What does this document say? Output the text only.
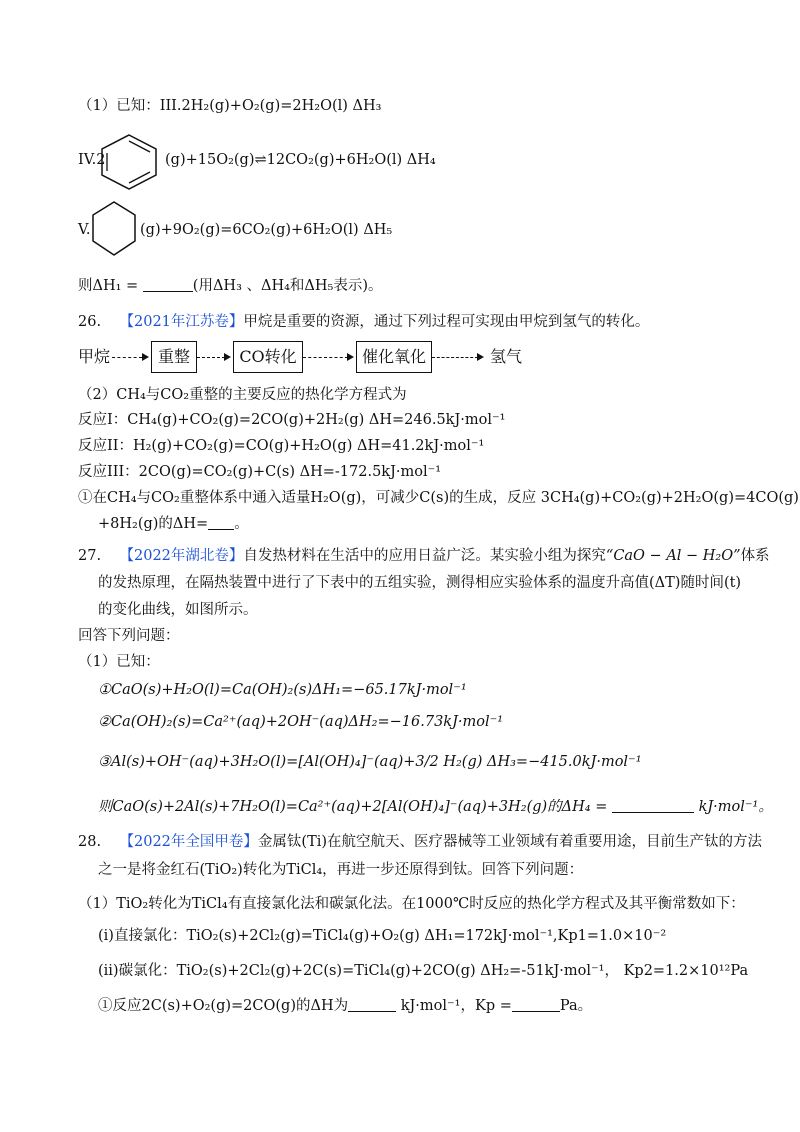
（1）已知：III.2H₂(g)+O₂(g)=2H₂O(l) ΔH₃
IV.2	(g)+15O₂(g)⇌12CO₂(g)+6H₂O(l) ΔH₄
V.	(g)+9O₂(g)=6CO₂(g)+6H₂O(l) ΔH₅
则ΔH₁ =	(用ΔH₃ 、ΔH₄和ΔH₅表示)。
26. 【2021年江苏卷】甲烷是重要的资源，通过下列过程可实现由甲烷到氢气的转化。
甲烷	重整	CO转化	催化氧化	氢气
（2）CH₄与CO₂重整的主要反应的热化学方程式为
反应I：CH₄(g)+CO₂(g)=2CO(g)+2H₂(g) ΔH=246.5kJ·mol⁻¹
反应II：H₂(g)+CO₂(g)=CO(g)+H₂O(g) ΔH=41.2kJ·mol⁻¹
反应III：2CO(g)=CO₂(g)+C(s) ΔH=-172.5kJ·mol⁻¹
①在CH₄与CO₂重整体系中通入适量H₂O(g)，可减少C(s)的生成，反应 3CH₄(g)+CO₂(g)+2H₂O(g)=4CO(g)
+8H₂(g)的ΔH= 。
27. 【2022年湖北卷】自发热材料在生活中的应用日益广泛。某实验小组为探究“CaO − Al − H₂O”体系
的发热原理，在隔热装置中进行了下表中的五组实验，测得相应实验体系的温度升高值(ΔT)随时间(t)
的变化曲线，如图所示。
回答下列问题：
（1）已知：
①CaO(s)+H₂O(l)=Ca(OH)₂(s)ΔH₁=−65.17kJ·mol⁻¹
②Ca(OH)₂(s)=Ca²⁺(aq)+2OH⁻(aq)ΔH₂=−16.73kJ·mol⁻¹
③Al(s)+OH⁻(aq)+3H₂O(l)=[Al(OH)₄]⁻(aq)+3/2 H₂(g) ΔH₃=−415.0kJ·mol⁻¹
则CaO(s)+2Al(s)+7H₂O(l)=Ca²⁺(aq)+2[Al(OH)₄]⁻(aq)+3H₂(g)的ΔH₄ =	kJ·mol⁻¹。
28. 【2022年全国甲卷】金属钛(Ti)在航空航天、医疗器械等工业领域有着重要用途，目前生产钛的方法
之一是将金红石(TiO₂)转化为TiCl₄，再进一步还原得到钛。回答下列问题：
（1）TiO₂转化为TiCl₄有直接氯化法和碳氯化法。在1000℃时反应的热化学方程式及其平衡常数如下：
(i)直接氯化：TiO₂(s)+2Cl₂(g)=TiCl₄(g)+O₂(g) ΔH₁=172kJ·mol⁻¹,Kp1=1.0×10⁻²
(ii)碳氯化：TiO₂(s)+2Cl₂(g)+2C(s)=TiCl₄(g)+2CO(g) ΔH₂=-51kJ·mol⁻¹， Kp2=1.2×10¹²Pa
①反应2C(s)+O₂(g)=2CO(g)的ΔH为	kJ·mol⁻¹，Kp =	Pa。
